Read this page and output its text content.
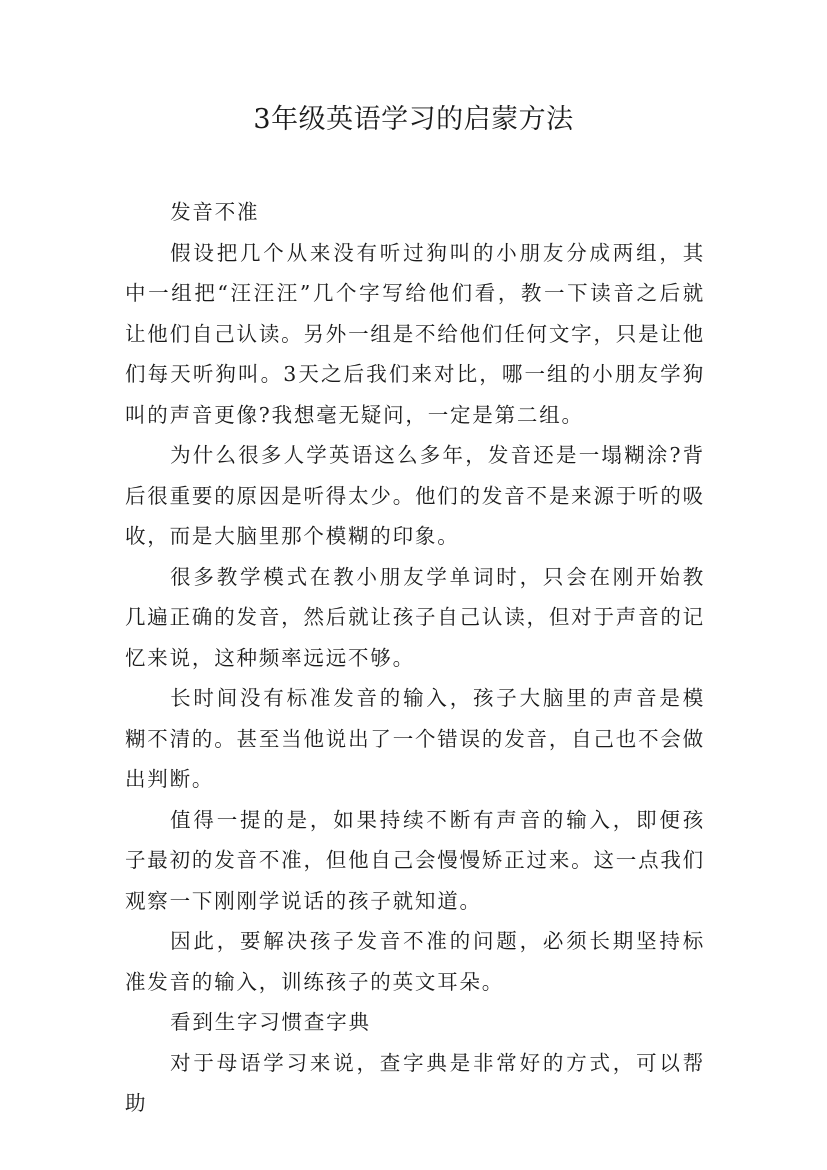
3年级英语学习的启蒙方法

发音不准

假设把几个从来没有听过狗叫的小朋友分成两组，其中一组把“汪汪汪”几个字写给他们看，教一下读音之后就让他们自己认读。另外一组是不给他们任何文字，只是让他们每天听狗叫。3天之后我们来对比，哪一组的小朋友学狗叫的声音更像?我想毫无疑问，一定是第二组。

为什么很多人学英语这么多年，发音还是一塌糊涂?背后很重要的原因是听得太少。他们的发音不是来源于听的吸收，而是大脑里那个模糊的印象。

很多教学模式在教小朋友学单词时，只会在刚开始教几遍正确的发音，然后就让孩子自己认读，但对于声音的记忆来说，这种频率远远不够。

长时间没有标准发音的输入，孩子大脑里的声音是模糊不清的。甚至当他说出了一个错误的发音，自己也不会做出判断。

值得一提的是，如果持续不断有声音的输入，即便孩子最初的发音不准，但他自己会慢慢矫正过来。这一点我们观察一下刚刚学说话的孩子就知道。

因此，要解决孩子发音不准的问题，必须长期坚持标准发音的输入，训练孩子的英文耳朵。

看到生字习惯查字典

对于母语学习来说，查字典是非常好的方式，可以帮助
